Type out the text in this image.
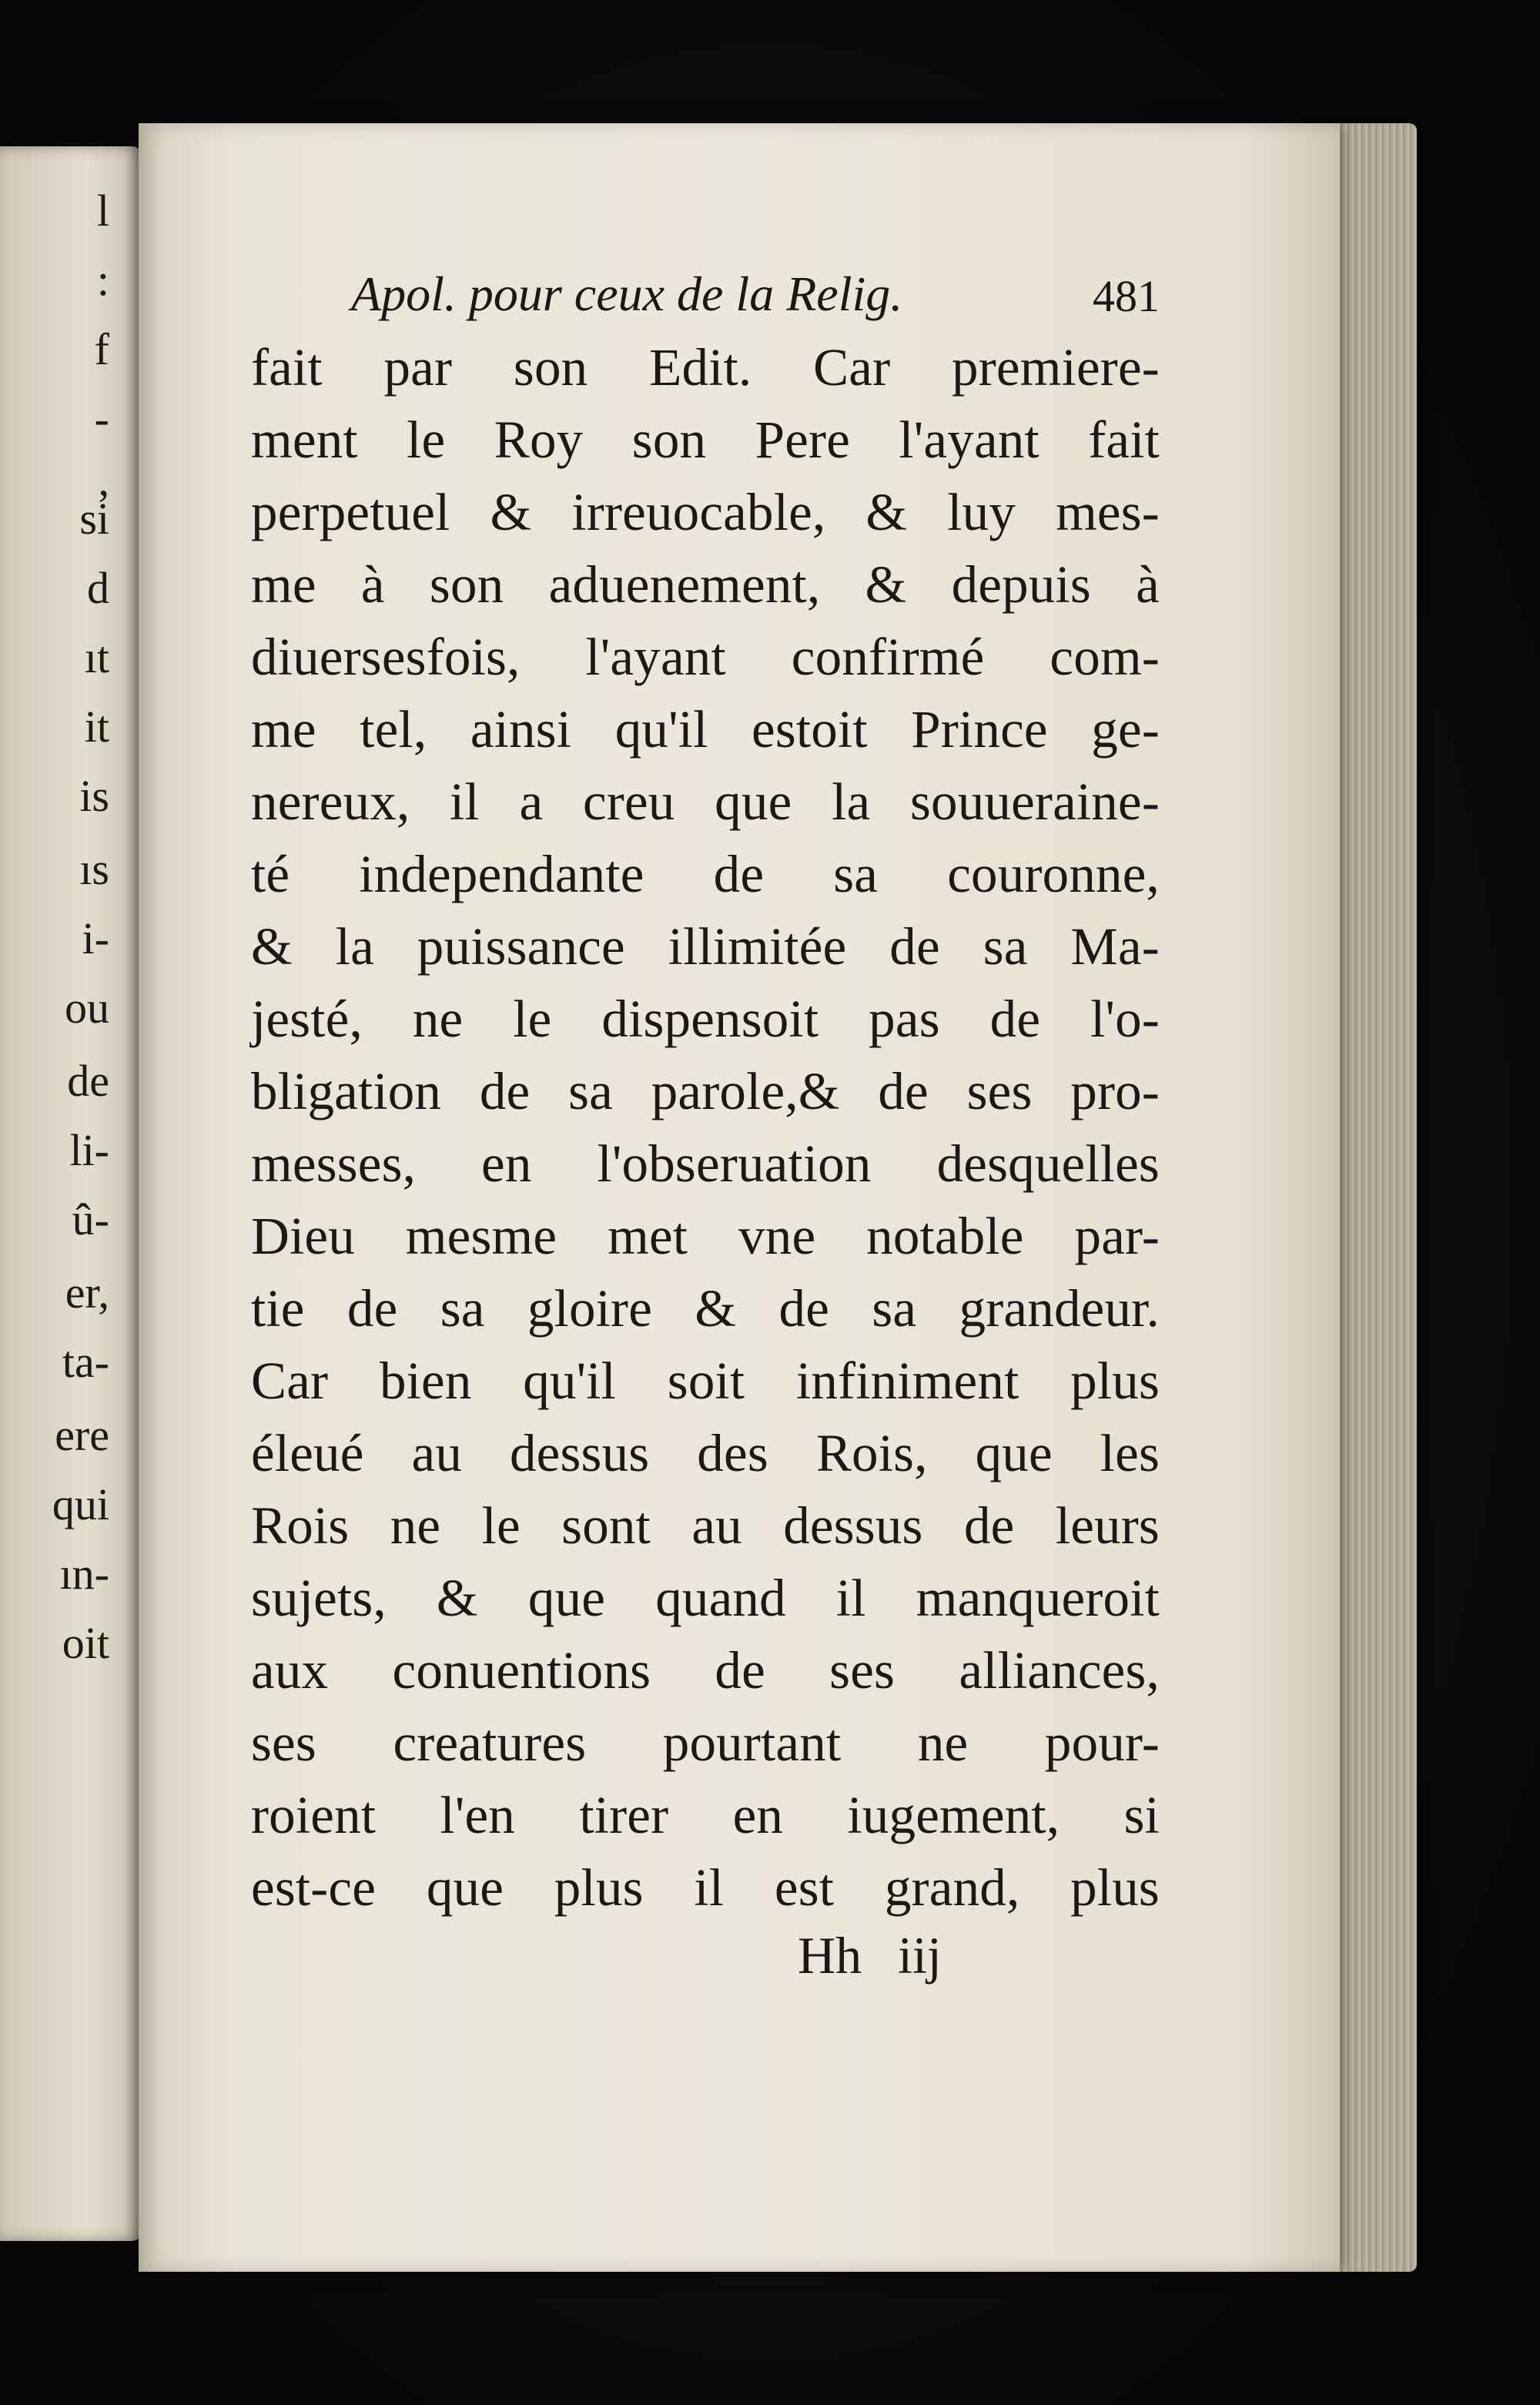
l
:
f
-
,
si
d
ıt
it
is
ıs
i-
ou
de
li-
û-
er,
ta-
ere
qui
ın-
oit
Apol. pour ceux de la Relig.	481
fait par son Edit. Car premiere-
ment le Roy son Pere l'ayant fait
perpetuel & irreuocable, & luy mes-
me à son aduenement, & depuis à
diuersesfois, l'ayant confirmé com-
me tel, ainsi qu'il estoit Prince ge-
nereux, il a creu que la souueraine-
té independante de sa couronne,
& la puissance illimitée de sa Ma-
jesté, ne le dispensoit pas de l'o-
bligation de sa parole,& de ses pro-
messes, en l'obseruation desquelles
Dieu mesme met vne notable par-
tie de sa gloire & de sa grandeur.
Car bien qu'il soit infiniment plus
éleué au dessus des Rois, que les
Rois ne le sont au dessus de leurs
sujets, & que quand il manqueroit
aux conuentions de ses alliances,
ses creatures pourtant ne pour-
roient l'en tirer en iugement, si
est-ce que plus il est grand, plus
Hh iij
